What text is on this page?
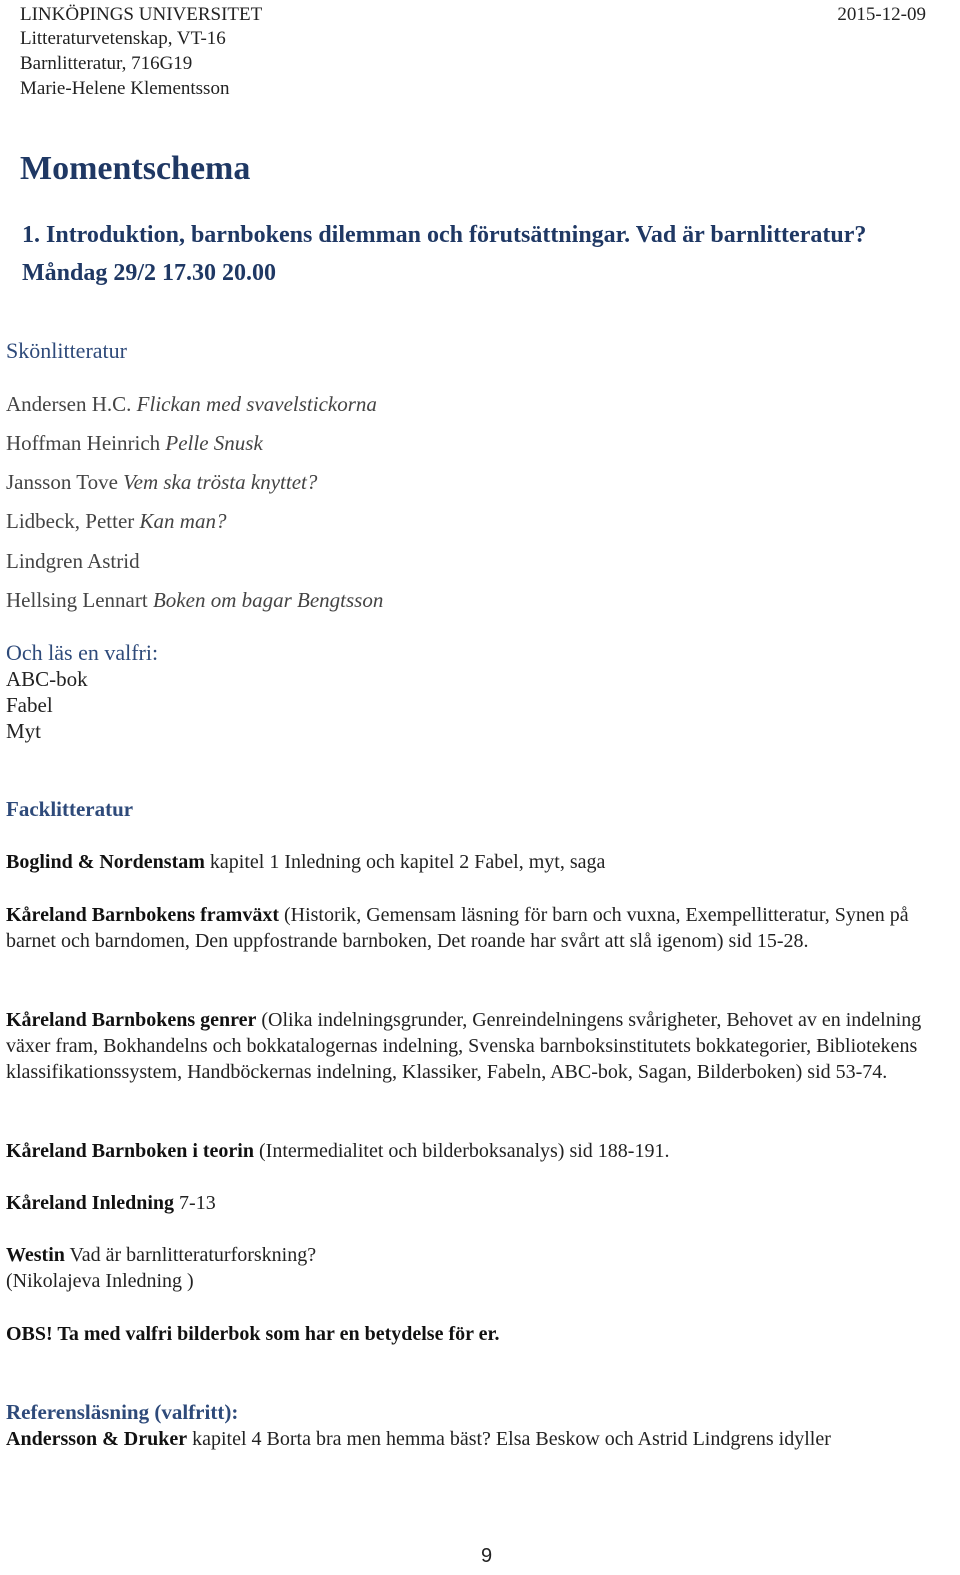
LINKÖPINGS UNIVERSITET
Litteraturvetenskap, VT-16
Barnlitteratur, 716G19
Marie-Helene Klementsson
2015-12-09
Momentschema
1. Introduktion, barnbokens dilemman och förutsättningar. Vad är barnlitteratur?
Måndag 29/2 17.30 20.00
Skönlitteratur
Andersen H.C. Flickan med svavelstickorna
Hoffman Heinrich Pelle Snusk
Jansson Tove Vem ska trösta knyttet?
Lidbeck, Petter Kan man?
Lindgren Astrid
Hellsing Lennart Boken om bagar Bengtsson
Och läs en valfri:
ABC-bok
Fabel
Myt
Facklitteratur
Boglind & Nordenstam kapitel 1 Inledning och kapitel 2 Fabel, myt, saga
Kåreland Barnbokens framväxt (Historik, Gemensam läsning för barn och vuxna, Exempellitteratur, Synen på barnet och barndomen, Den uppfostrande barnboken, Det roande har svårt att slå igenom) sid 15-28.
Kåreland Barnbokens genrer (Olika indelningsgrunder, Genreindelningens svårigheter, Behovet av en indelning växer fram, Bokhandelns och bokkatalogernas indelning, Svenska barnboksinstitutets bokkategorier, Bibliotekens klassifikationssystem, Handböckernas indelning, Klassiker, Fabeln, ABC-bok, Sagan, Bilderboken) sid 53-74.
Kåreland Barnboken i teorin (Intermedialitet och bilderboksanalys) sid 188-191.
Kåreland Inledning 7-13
Westin Vad är barnlitteraturforskning?
(Nikolajeva Inledning )
OBS! Ta med valfri bilderbok som har en betydelse för er.
Referensläsning (valfritt):
Andersson & Druker kapitel 4 Borta bra men hemma bäst? Elsa Beskow och Astrid Lindgrens idyller
9
